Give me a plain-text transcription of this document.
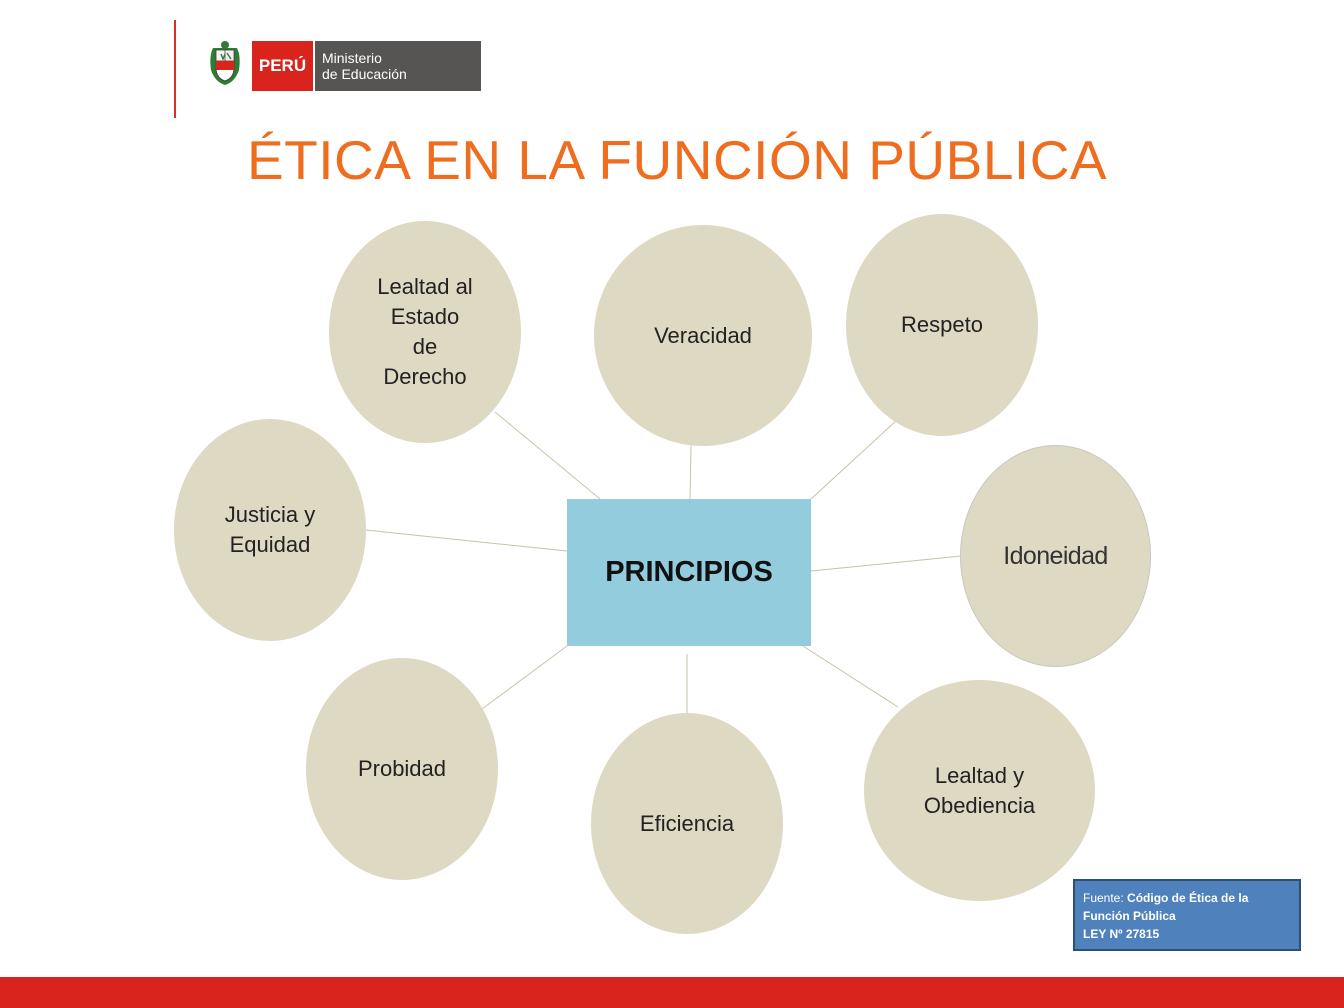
PERÚ	Ministerio
de Educación
ÉTICA EN LA FUNCIÓN PÚBLICA
PRINCIPIOS
Lealtad al
Estado
de
Derecho
Veracidad	Respeto
Idoneidad
Justicia y
Equidad
Lealtad y
Obediencia
Eficiencia
Probidad
Fuente: Código de Ética de la
Función Pública
LEY Nº 27815
